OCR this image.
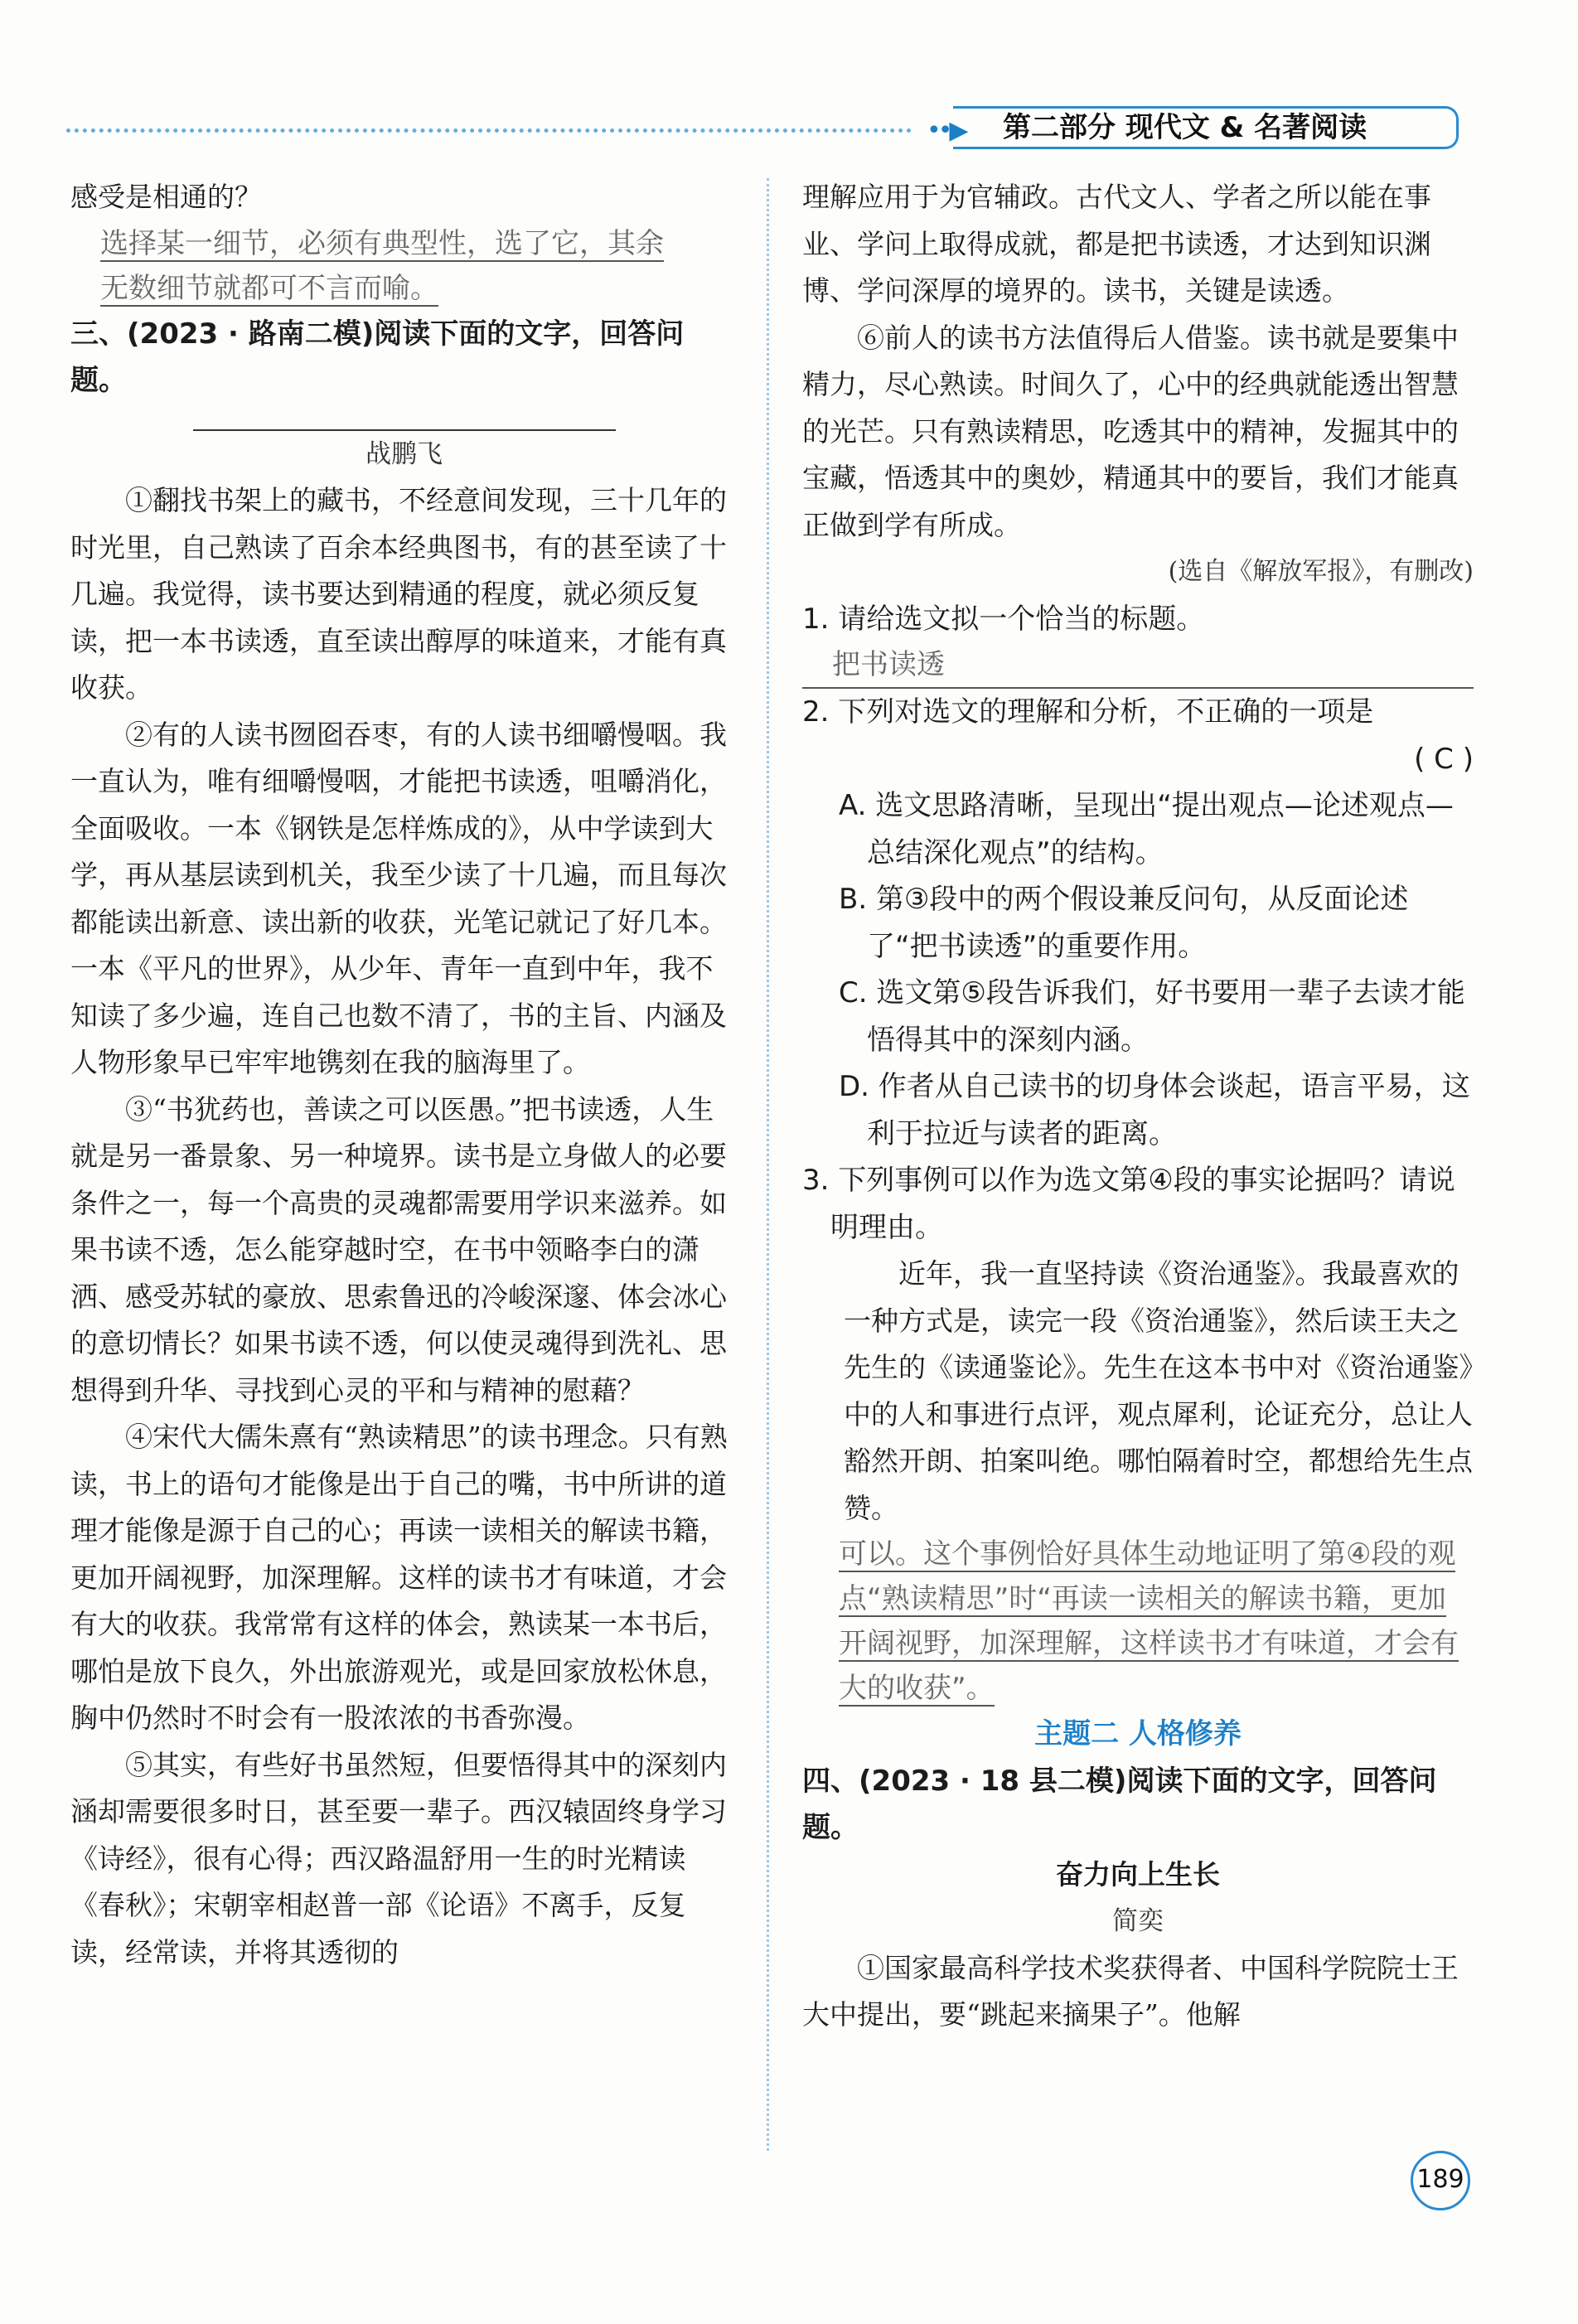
••▶	第二部分 现代文 & 名著阅读

感受是相通的？

选择某一细节，必须有典型性，选了它，其余
无数细节就都可不言而喻。

三、(2023 · 路南二模)阅读下面的文字，回答问题。

战鹏飞

①翻找书架上的藏书，不经意间发现，三十几年的时光里，自己熟读了百余本经典图书，有的甚至读了十几遍。我觉得，读书要达到精通的程度，就必须反复读，把一本书读透，直至读出醇厚的味道来，才能有真收获。

②有的人读书囫囵吞枣，有的人读书细嚼慢咽。我一直认为，唯有细嚼慢咽，才能把书读透，咀嚼消化，全面吸收。一本《钢铁是怎样炼成的》，从中学读到大学，再从基层读到机关，我至少读了十几遍，而且每次都能读出新意、读出新的收获，光笔记就记了好几本。一本《平凡的世界》，从少年、青年一直到中年，我不知读了多少遍，连自己也数不清了，书的主旨、内涵及人物形象早已牢牢地镌刻在我的脑海里了。

③“书犹药也，善读之可以医愚。”把书读透，人生就是另一番景象、另一种境界。读书是立身做人的必要条件之一，每一个高贵的灵魂都需要用学识来滋养。如果书读不透，怎么能穿越时空，在书中领略李白的潇洒、感受苏轼的豪放、思索鲁迅的冷峻深邃、体会冰心的意切情长？如果书读不透，何以使灵魂得到洗礼、思想得到升华、寻找到心灵的平和与精神的慰藉？

④宋代大儒朱熹有“熟读精思”的读书理念。只有熟读，书上的语句才能像是出于自己的嘴，书中所讲的道理才能像是源于自己的心；再读一读相关的解读书籍，更加开阔视野，加深理解。这样的读书才有味道，才会有大的收获。我常常有这样的体会，熟读某一本书后，哪怕是放下良久，外出旅游观光，或是回家放松休息，胸中仍然时不时会有一股浓浓的书香弥漫。

⑤其实，有些好书虽然短，但要悟得其中的深刻内涵却需要很多时日，甚至要一辈子。西汉辕固终身学习《诗经》，很有心得；西汉路温舒用一生的时光精读《春秋》；宋朝宰相赵普一部《论语》不离手，反复读，经常读，并将其透彻的

理解应用于为官辅政。古代文人、学者之所以能在事业、学问上取得成就，都是把书读透，才达到知识渊博、学问深厚的境界的。读书，关键是读透。

⑥前人的读书方法值得后人借鉴。读书就是要集中精力，尽心熟读。时间久了，心中的经典就能透出智慧的光芒。只有熟读精思，吃透其中的精神，发掘其中的宝藏，悟透其中的奥妙，精通其中的要旨，我们才能真正做到学有所成。

(选自《解放军报》，有删改)

1. 请给选文拟一个恰当的标题。

把书读透

2. 下列对选文的理解和分析，不正确的一项是

( C )

A. 选文思路清晰，呈现出“提出观点—论述观点—总结深化观点”的结构。

B. 第③段中的两个假设兼反问句，从反面论述了“把书读透”的重要作用。

C. 选文第⑤段告诉我们，好书要用一辈子去读才能悟得其中的深刻内涵。

D. 作者从自己读书的切身体会谈起，语言平易，这利于拉近与读者的距离。

3. 下列事例可以作为选文第④段的事实论据吗？请说明理由。

近年，我一直坚持读《资治通鉴》。我最喜欢的一种方式是，读完一段《资治通鉴》，然后读王夫之先生的《读通鉴论》。先生在这本书中对《资治通鉴》中的人和事进行点评，观点犀利，论证充分，总让人豁然开朗、拍案叫绝。哪怕隔着时空，都想给先生点赞。

可以。这个事例恰好具体生动地证明了第④段的观点“熟读精思”时“再读一读相关的解读书籍，更加开阔视野，加深理解，这样读书才有味道，才会有大的收获”。

主题二 人格修养

四、(2023 · 18 县二模)阅读下面的文字，回答问题。

奋力向上生长

简奕

①国家最高科学技术奖获得者、中国科学院院士王大中提出，要“跳起来摘果子”。他解

189
